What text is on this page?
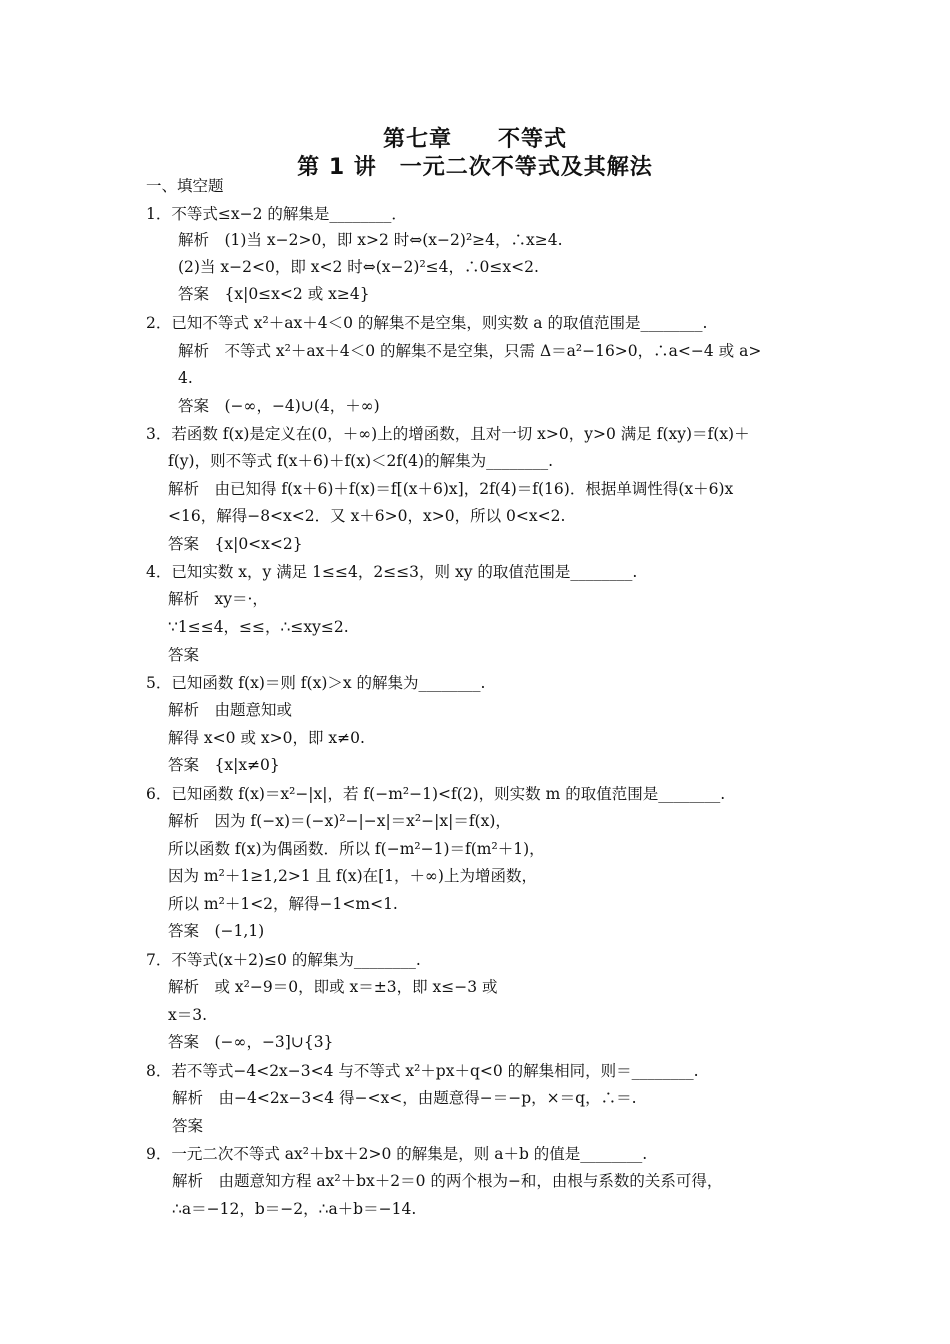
第七章　　不等式
第 1 讲　一元二次不等式及其解法
一、填空题
1．不等式≤x−2 的解集是________．
解析　(1)当 x−2>0，即 x>2 时⇔(x−2)²≥4，∴x≥4.
(2)当 x−2<0，即 x<2 时⇔(x−2)²≤4，∴0≤x<2.
答案　{x|0≤x<2 或 x≥4}
2．已知不等式 x²＋ax＋4＜0 的解集不是空集，则实数 a 的取值范围是________.
解析　不等式 x²＋ax＋4＜0 的解集不是空集，只需 Δ＝a²−16>0，∴a<−4 或 a>
4.
答案　(−∞，−4)∪(4，＋∞)
3．若函数 f(x)是定义在(0，＋∞)上的增函数，且对一切 x>0，y>0 满足 f(xy)＝f(x)＋
f(y)，则不等式 f(x＋6)＋f(x)＜2f(4)的解集为________.
解析　由已知得 f(x＋6)＋f(x)＝f[(x＋6)x]，2f(4)＝f(16)．根据单调性得(x＋6)x
<16，解得−8<x<2．又 x＋6>0，x>0，所以 0<x<2.
答案　{x|0<x<2}
4．已知实数 x，y 满足 1≤≤4，2≤≤3，则 xy 的取值范围是________.
解析　xy＝·，
∵1≤≤4，≤≤，∴≤xy≤2.
答案
5．已知函数 f(x)＝则 f(x)＞x 的解集为________.
解析　由题意知或
解得 x<0 或 x>0，即 x≠0.
答案　{x|x≠0}
6．已知函数 f(x)＝x²−|x|，若 f(−m²−1)<f(2)，则实数 m 的取值范围是________.
解析　因为 f(−x)＝(−x)²−|−x|＝x²−|x|＝f(x)，
所以函数 f(x)为偶函数．所以 f(−m²−1)＝f(m²＋1)，
因为 m²＋1≥1,2>1 且 f(x)在[1，＋∞)上为增函数，
所以 m²＋1<2，解得−1<m<1.
答案　(−1,1)
7．不等式(x＋2)≤0 的解集为________.
解析　或 x²−9＝0，即或 x＝±3，即 x≤−3 或
x＝3.
答案　(−∞，−3]∪{3}
8．若不等式−4<2x−3<4 与不等式 x²＋px＋q<0 的解集相同，则＝________.
解析　由−4<2x−3<4 得−<x<，由题意得−＝−p，×＝q，∴＝.
答案
9．一元二次不等式 ax²＋bx＋2>0 的解集是，则 a＋b 的值是________.
解析　由题意知方程 ax²＋bx＋2＝0 的两个根为−和，由根与系数的关系可得，
∴a＝−12，b＝−2，∴a＋b＝−14.
